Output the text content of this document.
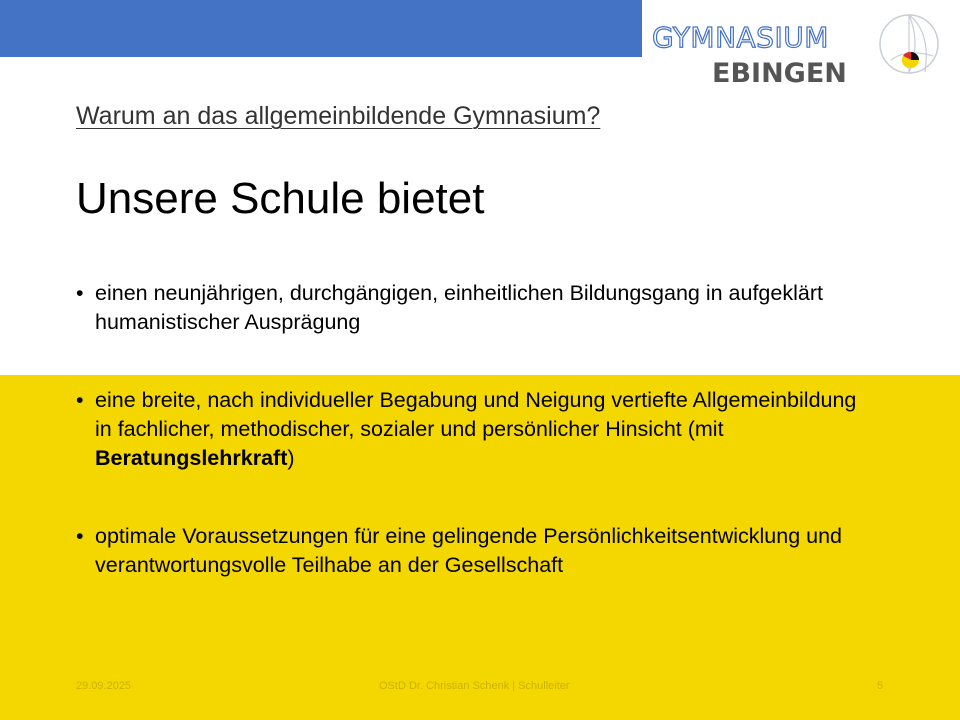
GYMNASIUM
EBINGEN
Warum an das allgemeinbildende Gymnasium?
Unsere Schule bietet
• einen neunjährigen, durchgängigen, einheitlichen Bildungsgang in aufgeklärt humanistischer Ausprägung
• eine breite, nach individueller Begabung und Neigung vertiefte Allgemeinbildung in fachlicher, methodischer, sozialer und persönlicher Hinsicht (mit Beratungslehrkraft)
• optimale Voraussetzungen für eine gelingende Persönlichkeitsentwicklung und verantwortungsvolle Teilhabe an der Gesellschaft
29.09.2025	OStD Dr. Christian Schenk | Schulleiter	5
